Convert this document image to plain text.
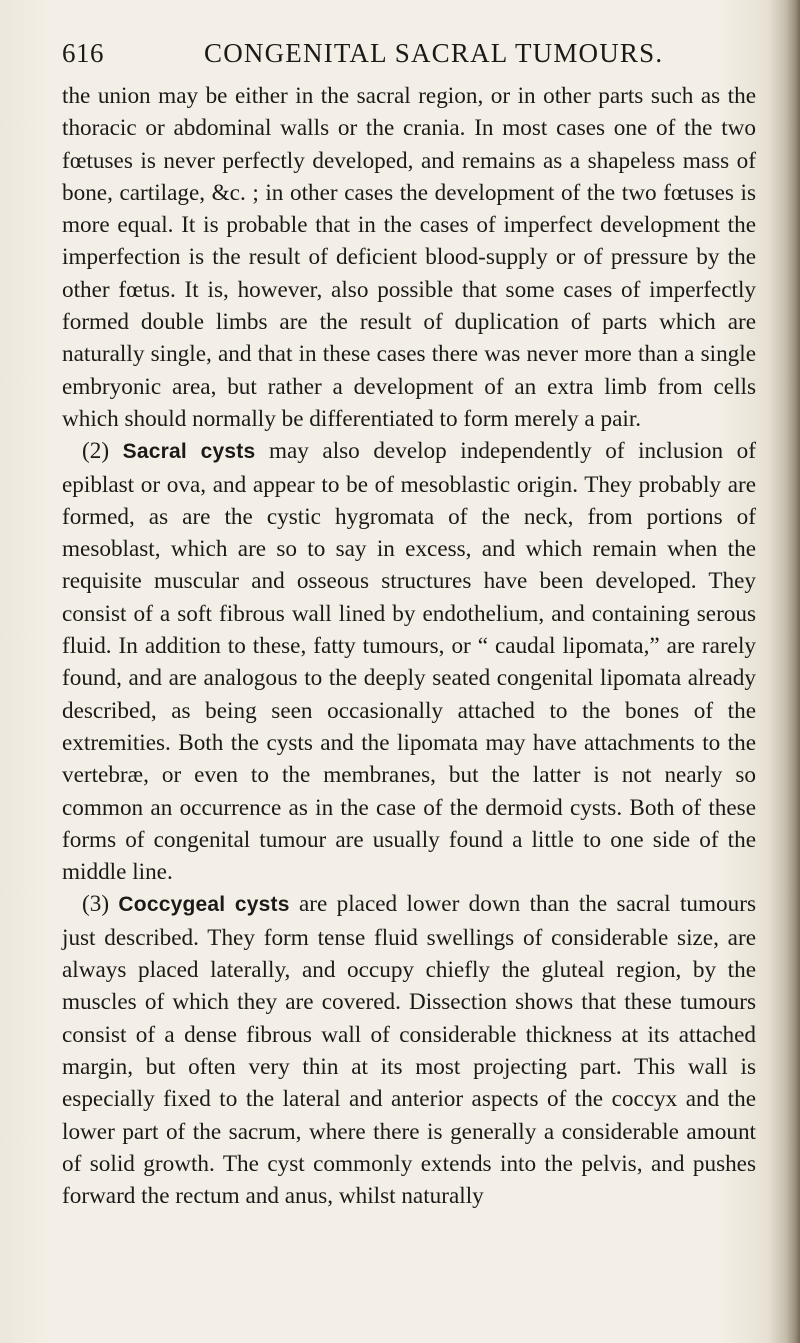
616	CONGENITAL SACRAL TUMOURS.

the union may be either in the sacral region, or in other parts such as the thoracic or abdominal walls or the crania. In most cases one of the two fœtuses is never perfectly developed, and remains as a shapeless mass of bone, cartilage, &c. ; in other cases the development of the two fœtuses is more equal. It is probable that in the cases of imperfect development the imperfection is the result of deficient blood-supply or of pressure by the other fœtus. It is, however, also possible that some cases of imperfectly formed double limbs are the result of duplication of parts which are naturally single, and that in these cases there was never more than a single embryonic area, but rather a development of an extra limb from cells which should normally be differentiated to form merely a pair.

(2) Sacral cysts may also develop independently of inclusion of epiblast or ova, and appear to be of mesoblastic origin. They probably are formed, as are the cystic hygromata of the neck, from portions of mesoblast, which are so to say in excess, and which remain when the requisite muscular and osseous structures have been developed. They consist of a soft fibrous wall lined by endothelium, and containing serous fluid. In addition to these, fatty tumours, or “ caudal lipomata,” are rarely found, and are analogous to the deeply seated congenital lipomata already described, as being seen occasionally attached to the bones of the extremities. Both the cysts and the lipomata may have attachments to the vertebræ, or even to the membranes, but the latter is not nearly so common an occurrence as in the case of the dermoid cysts. Both of these forms of congenital tumour are usually found a little to one side of the middle line.

(3) Coccygeal cysts are placed lower down than the sacral tumours just described. They form tense fluid swellings of considerable size, are always placed laterally, and occupy chiefly the gluteal region, by the muscles of which they are covered. Dissection shows that these tumours consist of a dense fibrous wall of considerable thickness at its attached margin, but often very thin at its most projecting part. This wall is especially fixed to the lateral and anterior aspects of the coccyx and the lower part of the sacrum, where there is generally a considerable amount of solid growth. The cyst commonly extends into the pelvis, and pushes forward the rectum and anus, whilst naturally
